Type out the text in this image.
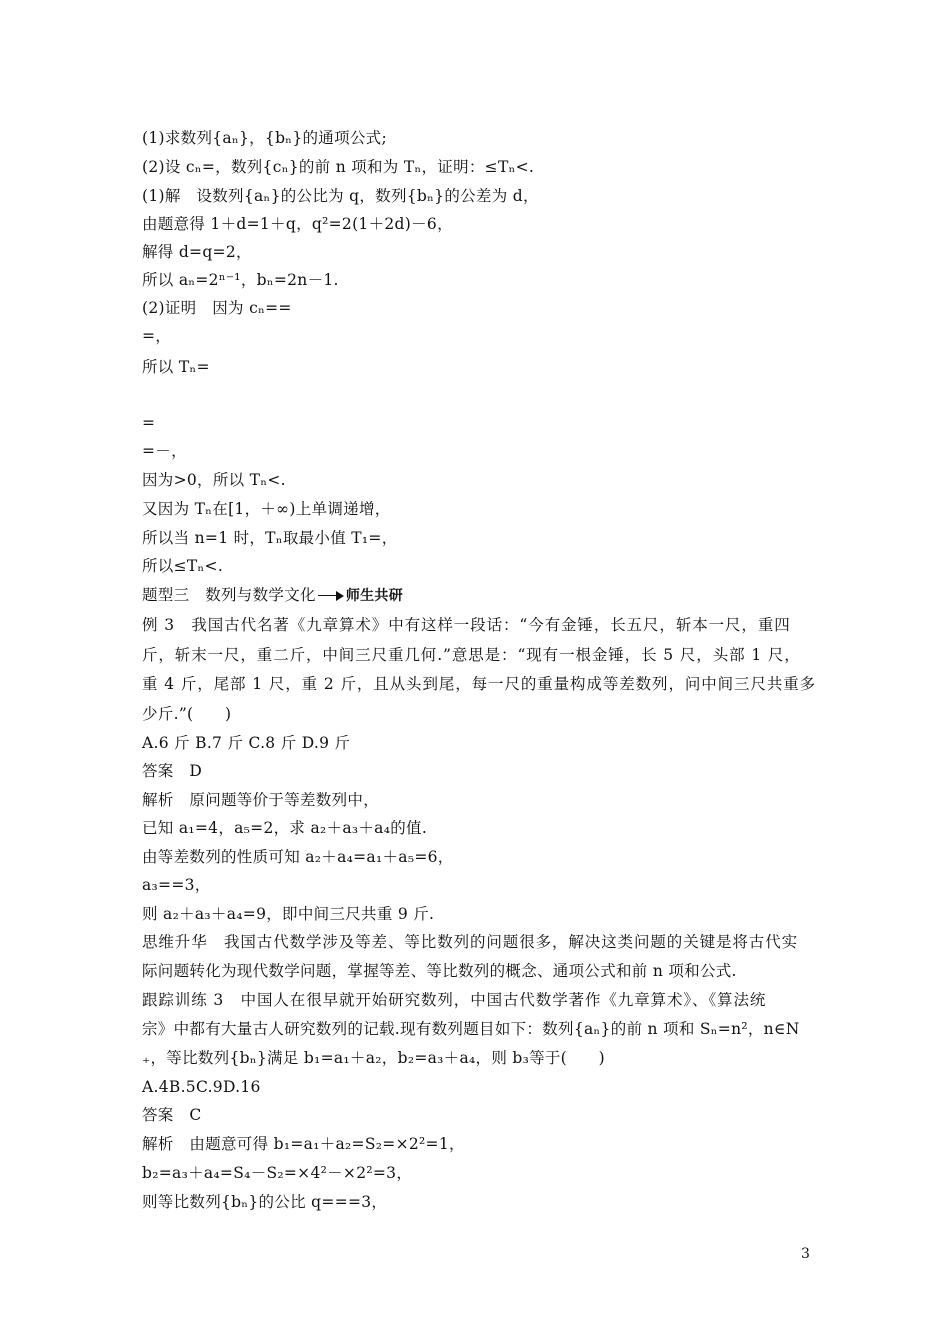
(1)求数列{aₙ}，{bₙ}的通项公式;
(2)设 cₙ=，数列{cₙ}的前 n 项和为 Tₙ，证明：≤Tₙ<.
(1)解　设数列{aₙ}的公比为 q，数列{bₙ}的公差为 d，
由题意得 1＋d=1＋q，q²=2(1＋2d)－6，
解得 d=q=2，
所以 aₙ=2ⁿ⁻¹，bₙ=2n－1.
(2)证明　因为 cₙ==
=，
所以 Tₙ=
=
=－，
因为>0，所以 Tₙ<.
又因为 Tₙ在[1，＋∞)上单调递增，
所以当 n=1 时，Tₙ取最小值 T₁=，
所以≤Tₙ<.
题型三　数列与数学文化 师生共研
例 3　我国古代名著《九章算术》中有这样一段话：“今有金锤，长五尺，斩本一尺，重四
斤，斩末一尺，重二斤，中间三尺重几何.”意思是：“现有一根金锤，长 5 尺，头部 1 尺，
重 4 斤，尾部 1 尺，重 2 斤，且从头到尾，每一尺的重量构成等差数列，问中间三尺共重多
少斤.”(　　)
A.6 斤 B.7 斤 C.8 斤 D.9 斤
答案　D
解析　原问题等价于等差数列中，
已知 a₁=4，a₅=2，求 a₂＋a₃＋a₄的值.
由等差数列的性质可知 a₂＋a₄=a₁＋a₅=6，
a₃==3，
则 a₂＋a₃＋a₄=9，即中间三尺共重 9 斤.
思维升华　我国古代数学涉及等差、等比数列的问题很多，解决这类问题的关键是将古代实
际问题转化为现代数学问题，掌握等差、等比数列的概念、通项公式和前 n 项和公式.
跟踪训练 3　中国人在很早就开始研究数列，中国古代数学著作《九章算术》、《算法统
宗》中都有大量古人研究数列的记载.现有数列题目如下：数列{aₙ}的前 n 项和 Sₙ=n²，n∈N
₊，等比数列{bₙ}满足 b₁=a₁＋a₂，b₂=a₃＋a₄，则 b₃等于(　　)
A.4B.5C.9D.16
答案　C
解析　由题意可得 b₁=a₁＋a₂=S₂=×2²=1，
b₂=a₃＋a₄=S₄－S₂=×4²－×2²=3，
则等比数列{bₙ}的公比 q===3，
3
